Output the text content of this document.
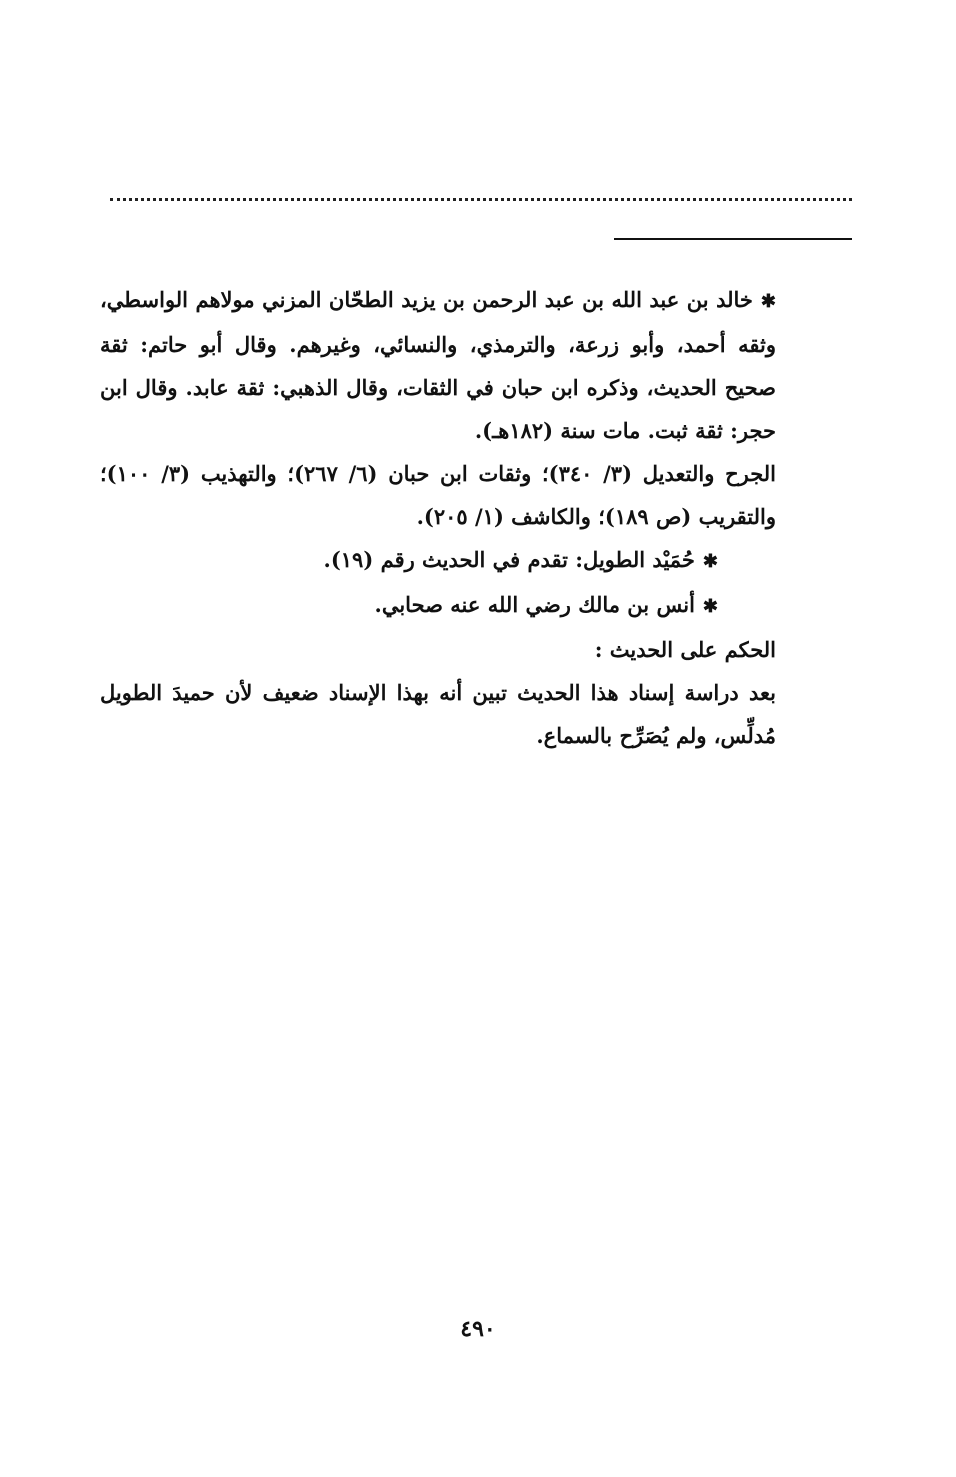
✱خالد بن عبد الله بن عبد الرحمن بن يزيد الطحّان المزني مولاهم الواسطي، وثقه أحمد، وأبو زرعة، والترمذي، والنسائي، وغيرهم. وقال أبو حاتم: ثقة صحيح الحديث، وذكره ابن حبان في الثقات، وقال الذهبي: ثقة عابد. وقال ابن حجر: ثقة ثبت. مات سنة (١٨٢هـ).

الجرح والتعديل (٣/ ٣٤٠)؛ وثقات ابن حبان (٦/ ٢٦٧)؛ والتهذيب (٣/ ١٠٠)؛ والتقريب (ص ١٨٩)؛ والكاشف (١/ ٢٠٥).

✱حُمَيْد الطويل: تقدم في الحديث رقم (١٩).

✱أنس بن مالك رضي الله عنه صحابي.

الحكم على الحديث :

بعد دراسة إسناد هذا الحديث تبين أنه بهذا الإسناد ضعيف لأن حميدَ الطويل مُدلِّس، ولم يُصَرِّح بالسماع.

٤٩٠
